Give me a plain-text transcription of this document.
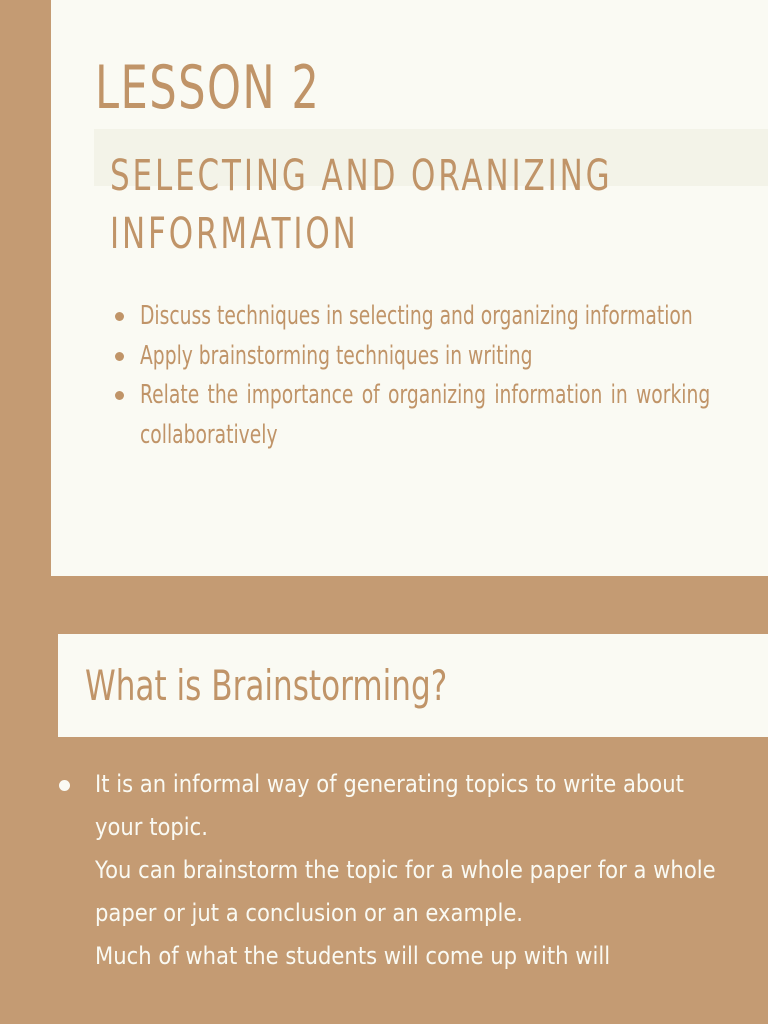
LESSON 2
SELECTING AND ORANIZING
INFORMATION
Discuss techniques in selecting and organizing information
Apply brainstorming techniques in writing
Relate the importance of organizing information in working collaboratively
What is Brainstorming?

It is an informal way of generating topics to write about your topic.

You can brainstorm the topic for a whole paper for a whole paper or jut a conclusion or an example.

Much of what the students will come up with will
